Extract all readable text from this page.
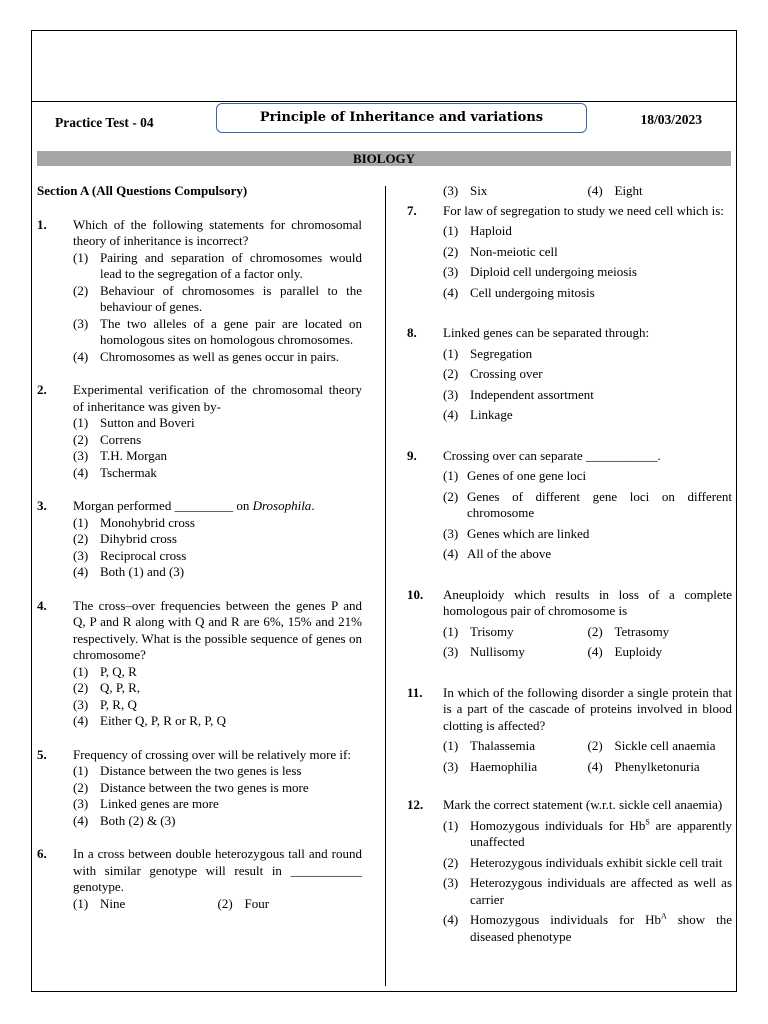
Practice Test - 04	Principle of Inheritance and variations	18/03/2023
BIOLOGY
Section A (All Questions Compulsory)
1.	Which of the following statements for chromosomal theory of inheritance is incorrect?
(1) Pairing and separation of chromosomes would lead to the segregation of a factor only.
(2) Behaviour of chromosomes is parallel to the behaviour of genes.
(3) The two alleles of a gene pair are located on homologous sites on homologous chromosomes.
(4) Chromosomes as well as genes occur in pairs.
2.	Experimental verification of the chromosomal theory of inheritance was given by-
(1) Sutton and Boveri
(2) Correns
(3) T.H. Morgan
(4) Tschermak
3.	Morgan performed _________ on Drosophila.
(1) Monohybrid cross
(2) Dihybrid cross
(3) Reciprocal cross
(4) Both (1) and (3)
4.	The cross–over frequencies between the genes P and Q, P and R along with Q and R are 6%, 15% and 21% respectively. What is the possible sequence of genes on chromosome?
(1) P, Q, R
(2) Q, P, R,
(3) P, R, Q
(4) Either Q, P, R or R, P, Q
5.	Frequency of crossing over will be relatively more if:
(1) Distance between the two genes is less
(2) Distance between the two genes is more
(3) Linked genes are more
(4) Both (2) & (3)
6.	In a cross between double heterozygous tall and round with similar genotype will result in ___________ genotype.
(1) Nine	(2) Four
(3) Six	(4) Eight
7.	For law of segregation to study we need cell which is:
(1) Haploid
(2) Non-meiotic cell
(3) Diploid cell undergoing meiosis
(4) Cell undergoing mitosis
8.	Linked genes can be separated through:
(1) Segregation
(2) Crossing over
(3) Independent assortment
(4) Linkage
9.	Crossing over can separate ___________.
(1) Genes of one gene loci
(2) Genes of different gene loci on different chromosome
(3) Genes which are linked
(4) All of the above
10.	Aneuploidy which results in loss of a complete homologous pair of chromosome is
(1) Trisomy	(2) Tetrasomy
(3) Nullisomy	(4) Euploidy
11.	In which of the following disorder a single protein that is a part of the cascade of proteins involved in blood clotting is affected?
(1) Thalassemia	(2) Sickle cell anaemia
(3) Haemophilia	(4) Phenylketonuria
12.	Mark the correct statement (w.r.t. sickle cell anaemia)
(1) Homozygous individuals for $Hb^S$ are apparently unaffected
(2) Heterozygous individuals exhibit sickle cell trait
(3) Heterozygous individuals are affected as well as carrier
(4) Homozygous individuals for $Hb^A$ show the diseased phenotype
